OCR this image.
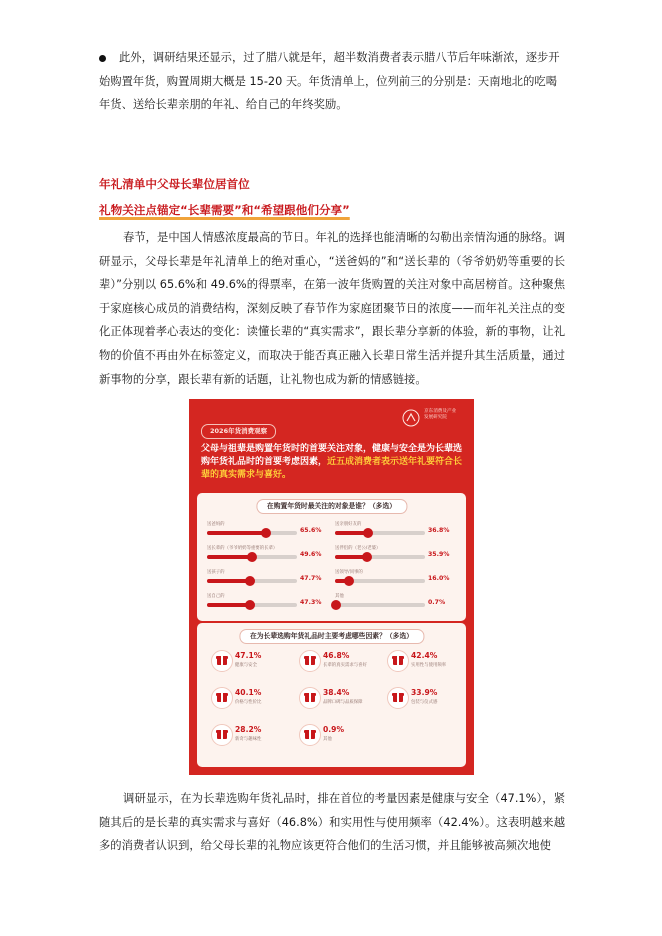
此外，调研结果还显示，过了腊八就是年，超半数消费者表示腊八节后年味渐浓，逐步开始购置年货，购置周期大概是 15-20 天。年货清单上，位列前三的分别是：天南地北的吃喝年货、送给长辈亲朋的年礼、给自己的年终奖励。
年礼清单中父母长辈位居首位
礼物关注点锚定“长辈需要”和“希望跟他们分享”
春节，是中国人情感浓度最高的节日。年礼的选择也能清晰的勾勒出亲情沟通的脉络。调研显示，父母长辈是年礼清单上的绝对重心，“送爸妈的”和“送长辈的（爷爷奶奶等重要的长辈）”分别以 65.6%和 49.6%的得票率，在第一波年货购置的关注对象中高居榜首。这种聚焦于家庭核心成员的消费结构，深刻反映了春节作为家庭团聚节日的浓度——而年礼关注点的变化正体现着孝心表达的变化：读懂长辈的“真实需求”，跟长辈分享新的体验，新的事物，让礼物的价值不再由外在标签定义，而取决于能否真正融入长辈日常生活并提升其生活质量，通过新事物的分享，跟长辈有新的话题，让礼物也成为新的情感链接。
2026年货消费观察
京东消费及产业发展研究院
父母与祖辈是购置年货时的首要关注对象，健康与安全是为长辈选购年货礼品时的首要考虑因素，近五成消费者表示送年礼要符合长辈的真实需求与喜好。
在购置年货时最关注的对象是谁？（多选）
送爸妈的
65.6%
送长辈的（爷爷奶奶等重要的长辈）
49.6%
送孩子的
47.7%
送自己的
47.3%
送亲朋好友的
36.8%
送伴侣的（老公/老婆）
35.9%
送领导/同事的
16.0%
其他
0.7%
在为长辈选购年货礼品时主要考虑哪些因素？（多选）
47.1%
健康与安全
46.8%
长辈的真实需求与喜好
42.4%
实用性与使用频率
40.1%
价格与性价比
38.4%
品牌口碑与品质保障
33.9%
包装与仪式感
28.2%
新奇与趣味性
0.9%
其他
调研显示，在为长辈选购年货礼品时，排在首位的考量因素是健康与安全（47.1%），紧随其后的是长辈的真实需求与喜好（46.8%）和实用性与使用频率（42.4%）。这表明越来越多的消费者认识到，给父母长辈的礼物应该更符合他们的生活习惯，并且能够被高频次地使
